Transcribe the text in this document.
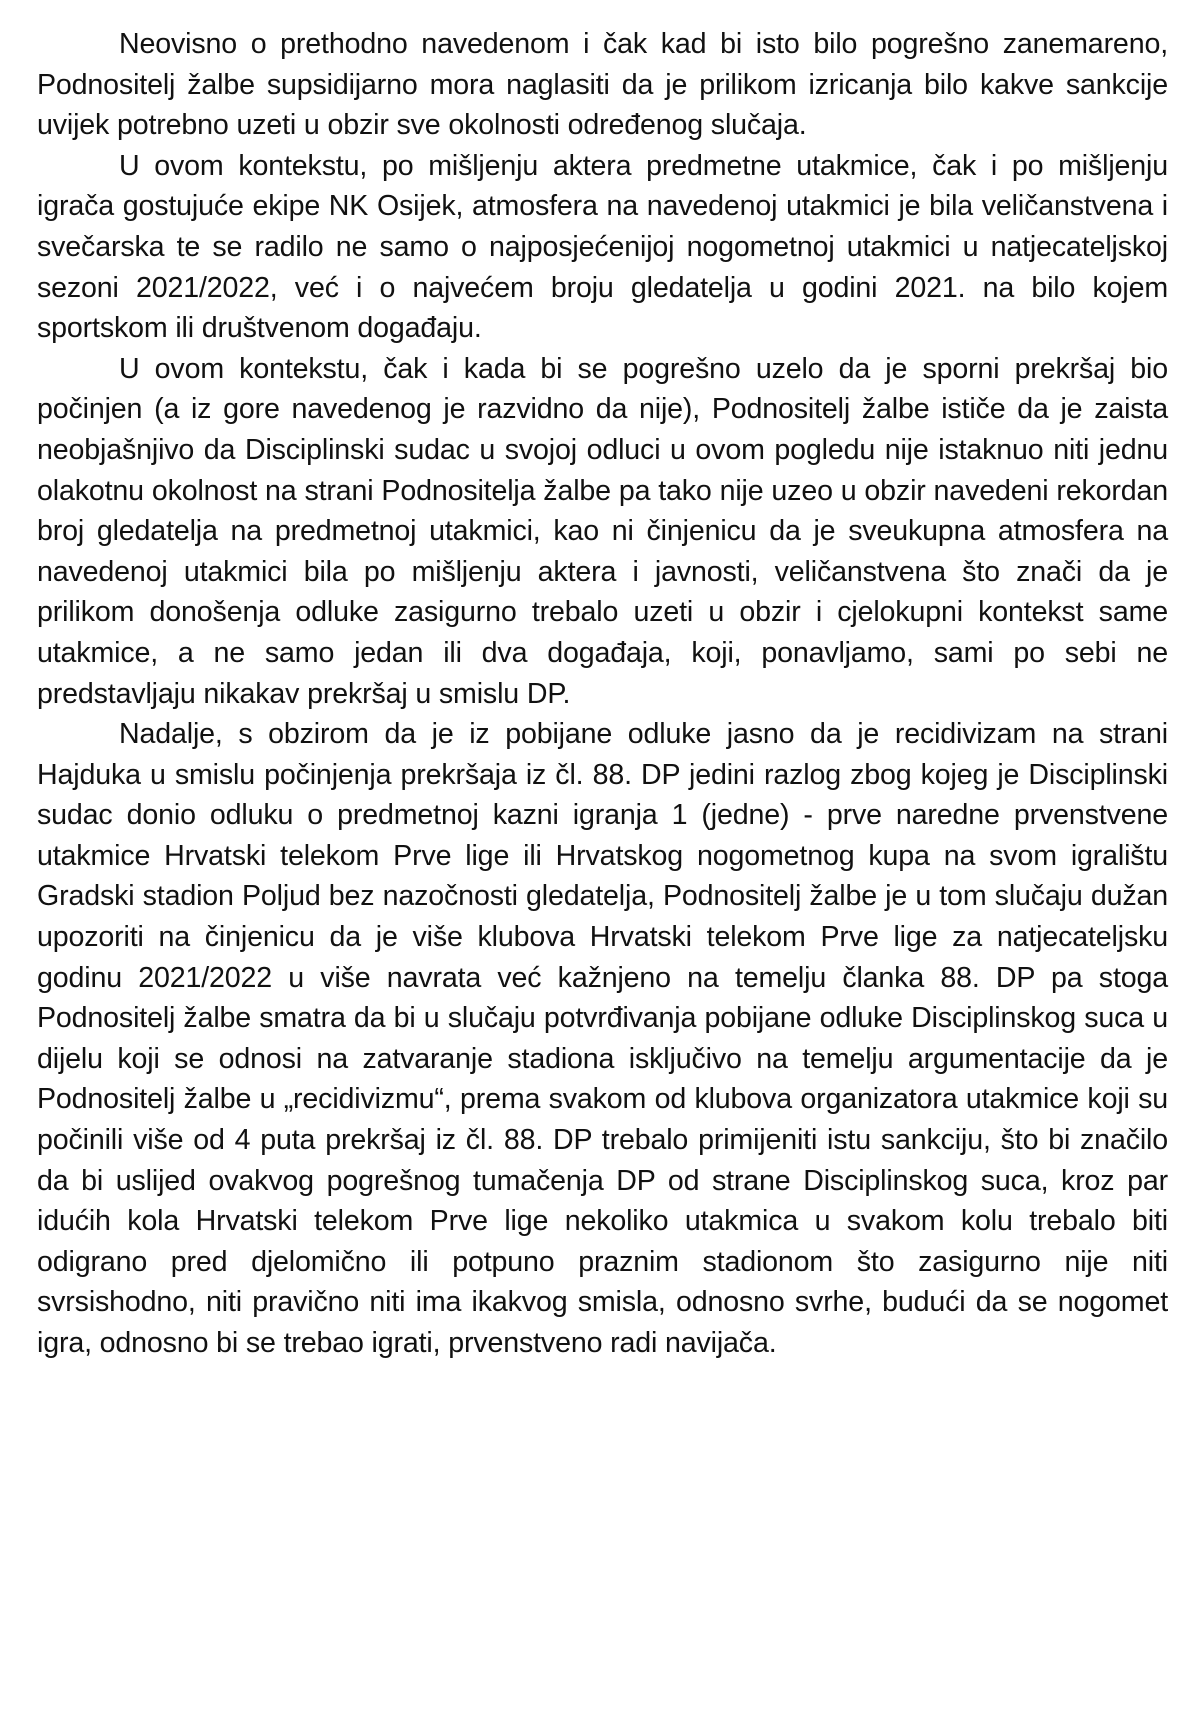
Neovisno o prethodno navedenom i čak kad bi isto bilo pogrešno zanemareno, Podnositelj žalbe supsidijarno mora naglasiti da je prilikom izricanja bilo kakve sankcije uvijek potrebno uzeti u obzir sve okolnosti određenog slučaja.

U ovom kontekstu, po mišljenju aktera predmetne utakmice, čak i po mišljenju igrača gostujuće ekipe NK Osijek, atmosfera na navedenoj utakmici je bila veličanstvena i svečarska te se radilo ne samo o najposjećenijoj nogometnoj utakmici u natjecateljskoj sezoni 2021/2022, već i o najvećem broju gledatelja u godini 2021. na bilo kojem sportskom ili društvenom događaju.

U ovom kontekstu, čak i kada bi se pogrešno uzelo da je sporni prekršaj bio počinjen (a iz gore navedenog je razvidno da nije), Podnositelj žalbe ističe da je zaista neobjašnjivo da Disciplinski sudac u svojoj odluci u ovom pogledu nije istaknuo niti jednu olakotnu okolnost na strani Podnositelja žalbe pa tako nije uzeo u obzir navedeni rekordan broj gledatelja na predmetnoj utakmici, kao ni činjenicu da je sveukupna atmosfera na navedenoj utakmici bila po mišljenju aktera i javnosti, veličanstvena što znači da je prilikom donošenja odluke zasigurno trebalo uzeti u obzir i cjelokupni kontekst same utakmice, a ne samo jedan ili dva događaja, koji, ponavljamo, sami po sebi ne predstavljaju nikakav prekršaj u smislu DP.

Nadalje, s obzirom da je iz pobijane odluke jasno da je recidivizam na strani Hajduka u smislu počinjenja prekršaja iz čl. 88. DP jedini razlog zbog kojeg je Disciplinski sudac donio odluku o predmetnoj kazni igranja 1 (jedne) - prve naredne prvenstvene utakmice Hrvatski telekom Prve lige ili Hrvatskog nogometnog kupa na svom igralištu Gradski stadion Poljud bez nazočnosti gledatelja, Podnositelj žalbe je u tom slučaju dužan upozoriti na činjenicu da je više klubova Hrvatski telekom Prve lige za natjecateljsku godinu 2021/2022 u više navrata već kažnjeno na temelju članka 88. DP pa stoga Podnositelj žalbe smatra da bi u slučaju potvrđivanja pobijane odluke Disciplinskog suca u dijelu koji se odnosi na zatvaranje stadiona isključivo na temelju argumentacije da je Podnositelj žalbe u „recidivizmu“, prema svakom od klubova organizatora utakmice koji su počinili više od 4 puta prekršaj iz čl. 88. DP trebalo primijeniti istu sankciju, što bi značilo da bi uslijed ovakvog pogrešnog tumačenja DP od strane Disciplinskog suca, kroz par idućih kola Hrvatski telekom Prve lige nekoliko utakmica u svakom kolu trebalo biti odigrano pred djelomično ili potpuno praznim stadionom što zasigurno nije niti svrsishodno, niti pravično niti ima ikakvog smisla, odnosno svrhe, budući da se nogomet igra, odnosno bi se trebao igrati, prvenstveno radi navijača.
